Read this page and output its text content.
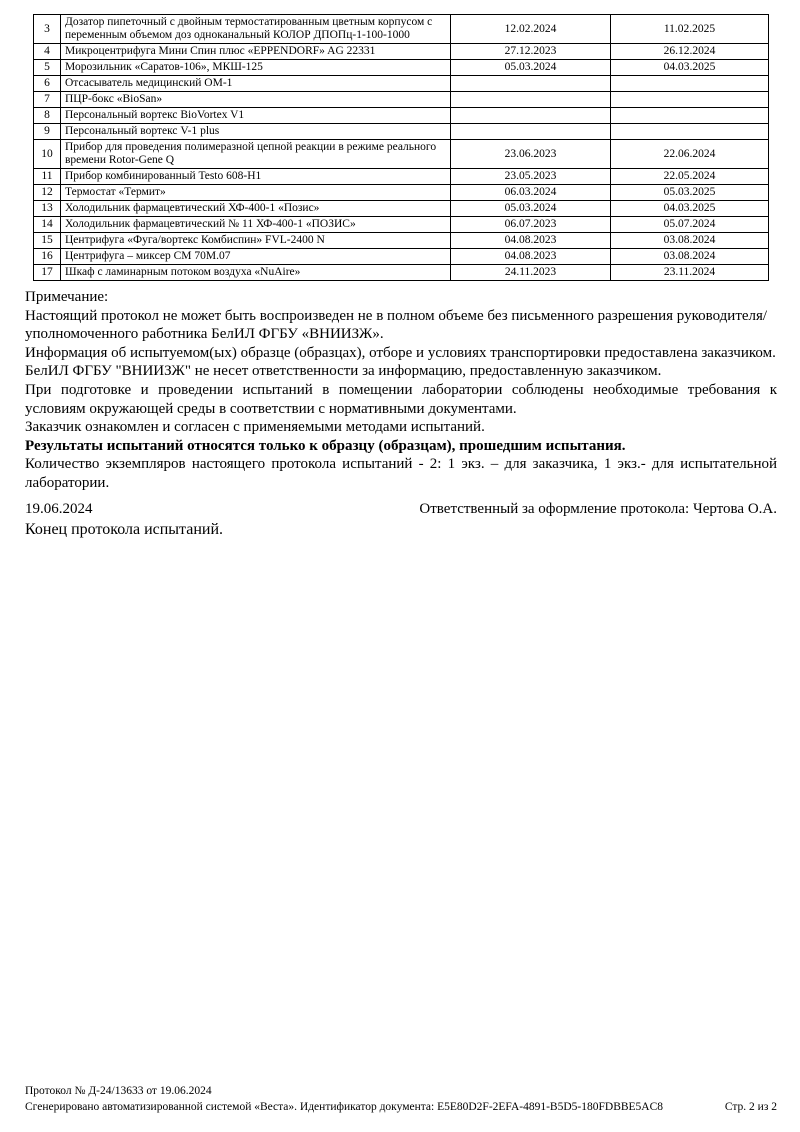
3	Дозатор пипеточный с двойным термостатированным цветным корпусом с переменным объемом доз одноканальный КОЛОР ДПОПц-1-100-1000	12.02.2024	11.02.2025
4	Микроцентрифуга Мини Спин плюс «EPPENDORF» AG 22331	27.12.2023	26.12.2024
5	Морозильник «Саратов-106», МКШ-125	05.03.2024	04.03.2025
6	Отсасыватель медицинский ОМ-1		
7	ПЦР-бокс «BioSan»		
8	Персональный вортекс BioVortex V1		
9	Персональный вортекс V-1 plus		
10	Прибор для проведения полимеразной цепной реакции в режиме реального времени Rotor-Gene Q	23.06.2023	22.06.2024
11	Прибор комбинированный Testo 608-H1	23.05.2023	22.05.2024
12	Термостат «Термит»	06.03.2024	05.03.2025
13	Холодильник фармацевтический ХФ-400-1 «Позис»	05.03.2024	04.03.2025
14	Холодильник фармацевтический № 11 ХФ-400-1 «ПОЗИС»	06.07.2023	05.07.2024
15	Центрифуга «Фуга/вортекс Комбиспин» FVL-2400 N	04.08.2023	03.08.2024
16	Центрифуга – миксер СМ 70М.07	04.08.2023	03.08.2024
17	Шкаф с ламинарным потоком воздуха «NuAire»	24.11.2023	23.11.2024

Примечание:

Настоящий протокол не может быть воспроизведен не в полном объеме без письменного разрешения руководителя/уполномоченного работника БелИЛ ФГБУ «ВНИИЗЖ».

Информация об испытуемом(ых) образце (образцах), отборе и условиях транспортировки предоставлена заказчиком.

БелИЛ ФГБУ "ВНИИЗЖ" не несет ответственности за информацию, предоставленную заказчиком.

При подготовке и проведении испытаний в помещении лаборатории соблюдены необходимые требования к условиям окружающей среды в соответствии с нормативными документами.

Заказчик ознакомлен и согласен с применяемыми методами испытаний.

Результаты испытаний относятся только к образцу (образцам), прошедшим испытания.

Количество экземпляров настоящего протокола испытаний - 2: 1 экз. – для заказчика, 1 экз.- для испытательной лаборатории.

19.06.2024	Ответственный за оформление протокола: Чертова О.А.
Конец протокола испытаний.
Протокол № Д-24/13633 от 19.06.2024
Сгенерировано автоматизированной системой «Веста». Идентификатор документа: E5E80D2F-2EFA-4891-B5D5-180FDBBE5AC8	Стр. 2 из 2
